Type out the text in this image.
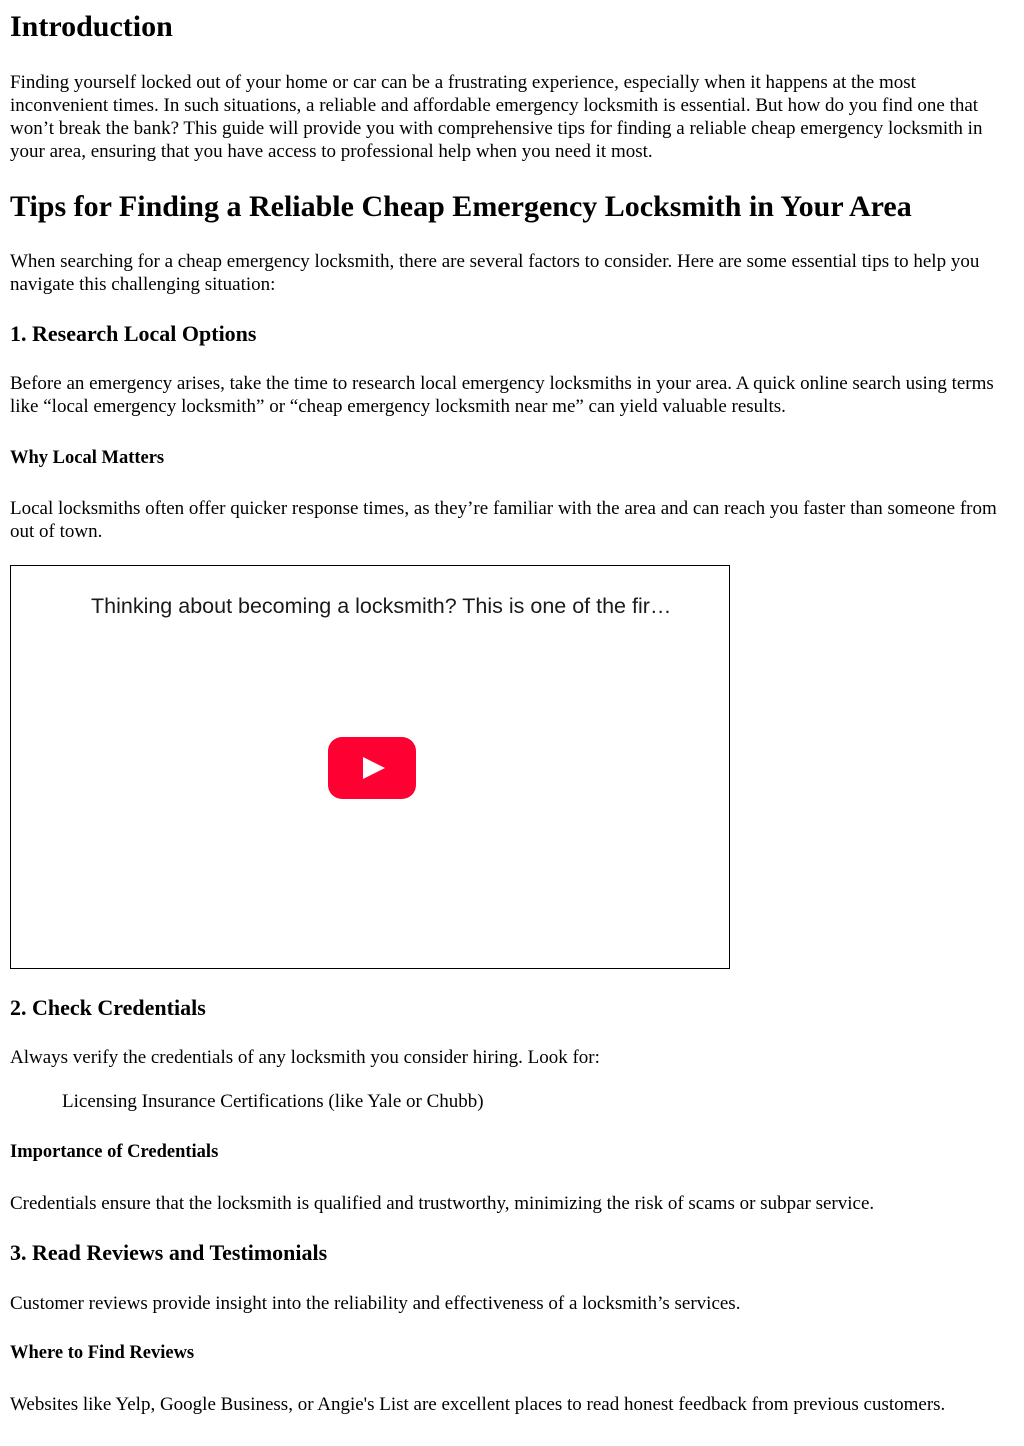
Introduction

Finding yourself locked out of your home or car can be a frustrating experience, especially when it happens at the most inconvenient times. In such situations, a reliable and affordable emergency locksmith is essential. But how do you find one that won’t break the bank? This guide will provide you with comprehensive tips for finding a reliable cheap emergency locksmith in your area, ensuring that you have access to professional help when you need it most.

Tips for Finding a Reliable Cheap Emergency Locksmith in Your Area

When searching for a cheap emergency locksmith, there are several factors to consider. Here are some essential tips to help you navigate this challenging situation:

1. Research Local Options

Before an emergency arises, take the time to research local emergency locksmiths in your area. A quick online search using terms like “local emergency locksmith” or “cheap emergency locksmith near me” can yield valuable results.

Why Local Matters

Local locksmiths often offer quicker response times, as they’re familiar with the area and can reach you faster than someone from out of town.

Thinking about becoming a locksmith? This is one of the fir…
2. Check Credentials

Always verify the credentials of any locksmith you consider hiring. Look for:

Licensing Insurance Certifications (like Yale or Chubb)

Importance of Credentials

Credentials ensure that the locksmith is qualified and trustworthy, minimizing the risk of scams or subpar service.

3. Read Reviews and Testimonials

Customer reviews provide insight into the reliability and effectiveness of a locksmith’s services.

Where to Find Reviews

Websites like Yelp, Google Business, or Angie's List are excellent places to read honest feedback from previous customers.
